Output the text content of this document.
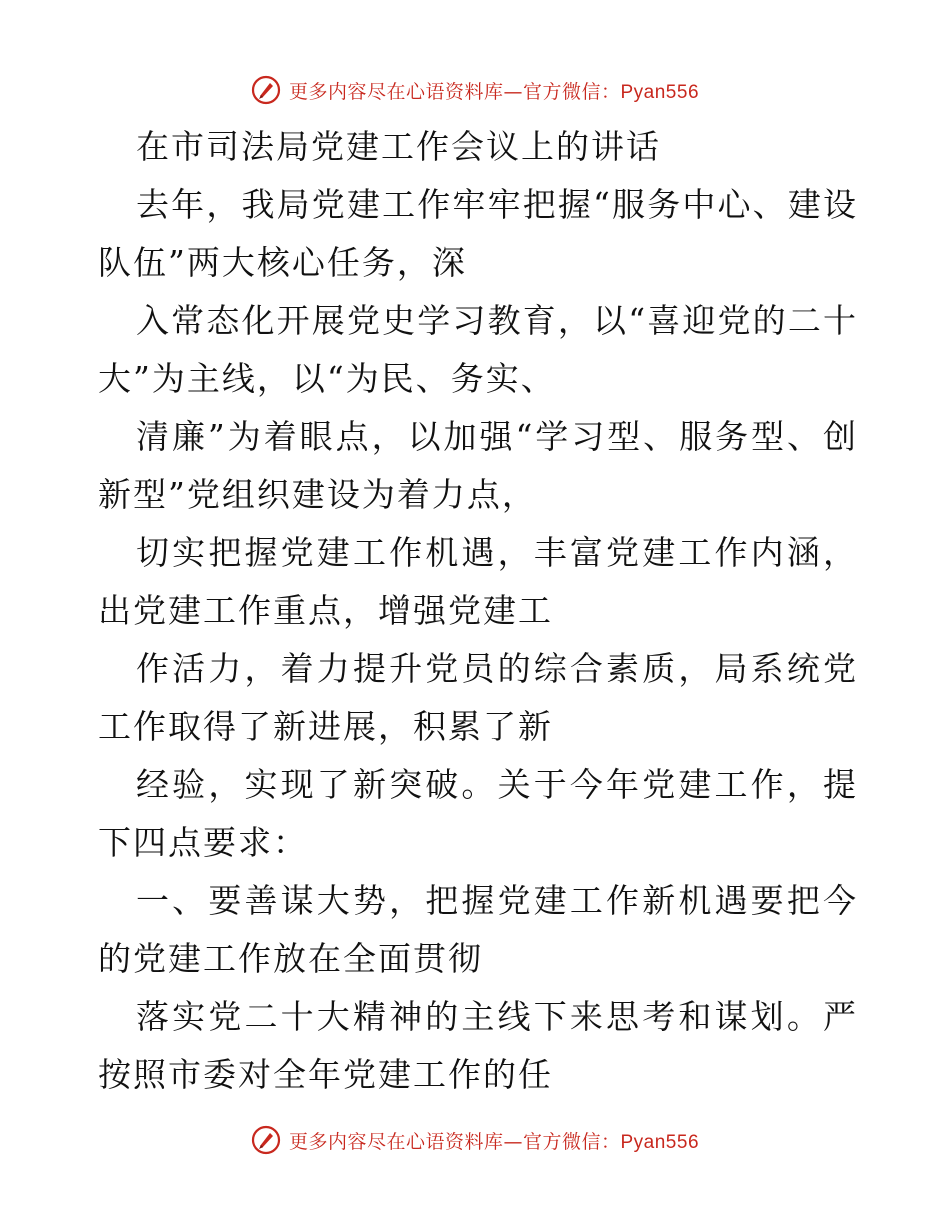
更多内容尽在心语资料库—官方微信：Pyan556
在市司法局党建工作会议上的讲话
去年，我局党建工作牢牢把握“服务中心、建设
队伍”两大核心任务，深
入常态化开展党史学习教育，以“喜迎党的二十
大”为主线，以“为民、务实、
清廉”为着眼点，以加强“学习型、服务型、创
新型”党组织建设为着力点，
切实把握党建工作机遇，丰富党建工作内涵，
出党建工作重点，增强党建工
作活力，着力提升党员的综合素质，局系统党
工作取得了新进展，积累了新
经验，实现了新突破。关于今年党建工作，提
下四点要求：
一、要善谋大势，把握党建工作新机遇要把今
的党建工作放在全面贯彻
落实党二十大精神的主线下来思考和谋划。严
按照市委对全年党建工作的任
更多内容尽在心语资料库—官方微信：Pyan556
